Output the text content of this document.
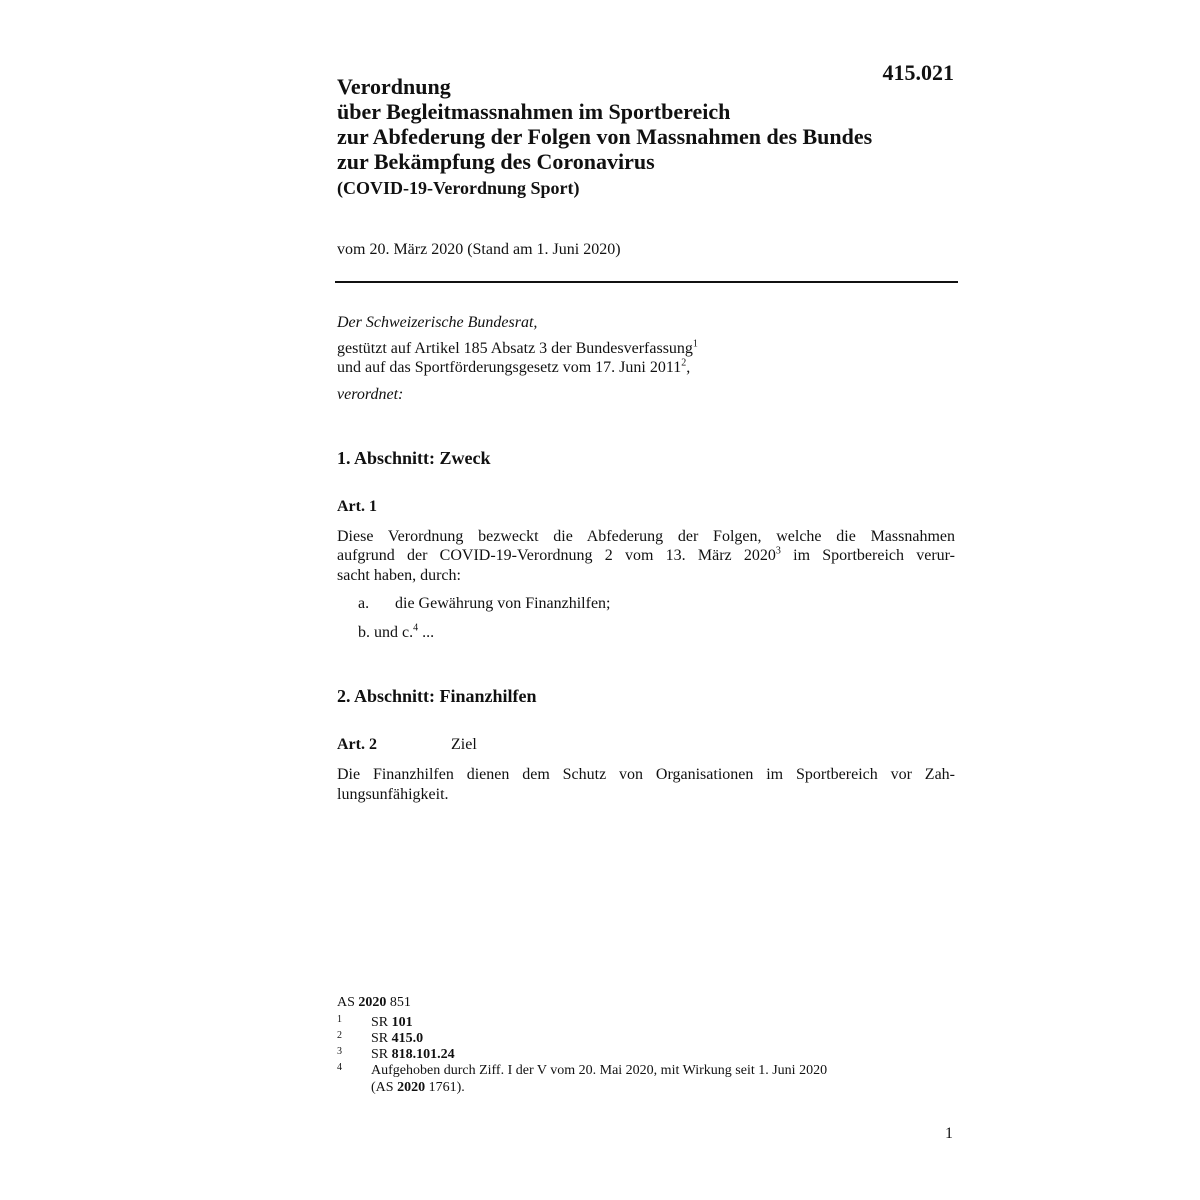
415.021
Verordnung
über Begleitmassnahmen im Sportbereich
zur Abfederung der Folgen von Massnahmen des Bundes
zur Bekämpfung des Coronavirus
(COVID-19-Verordnung Sport)
vom 20. März 2020 (Stand am 1. Juni 2020)
Der Schweizerische Bundesrat,
gestützt auf Artikel 185 Absatz 3 der Bundesverfassung$^1$
und auf das Sportförderungsgesetz vom 17. Juni 2011$^2$,
verordnet:
1. Abschnitt: Zweck
Art. 1
Diese Verordnung bezweckt die Abfederung der Folgen, welche die Massnahmen
aufgrund der COVID-19-Verordnung 2 vom 13. März 2020$^3$ im Sportbereich verur-
sacht haben, durch:
a. die Gewährung von Finanzhilfen;
b. und c.$^4$ ...
2. Abschnitt: Finanzhilfen
Art. 2	Ziel
Die Finanzhilfen dienen dem Schutz von Organisationen im Sportbereich vor Zah-
lungsunfähigkeit.
AS 2020 851
1 SR 101
2 SR 415.0
3 SR 818.101.24
4 Aufgehoben durch Ziff. I der V vom 20. Mai 2020, mit Wirkung seit 1. Juni 2020
(AS 2020 1761).
1
